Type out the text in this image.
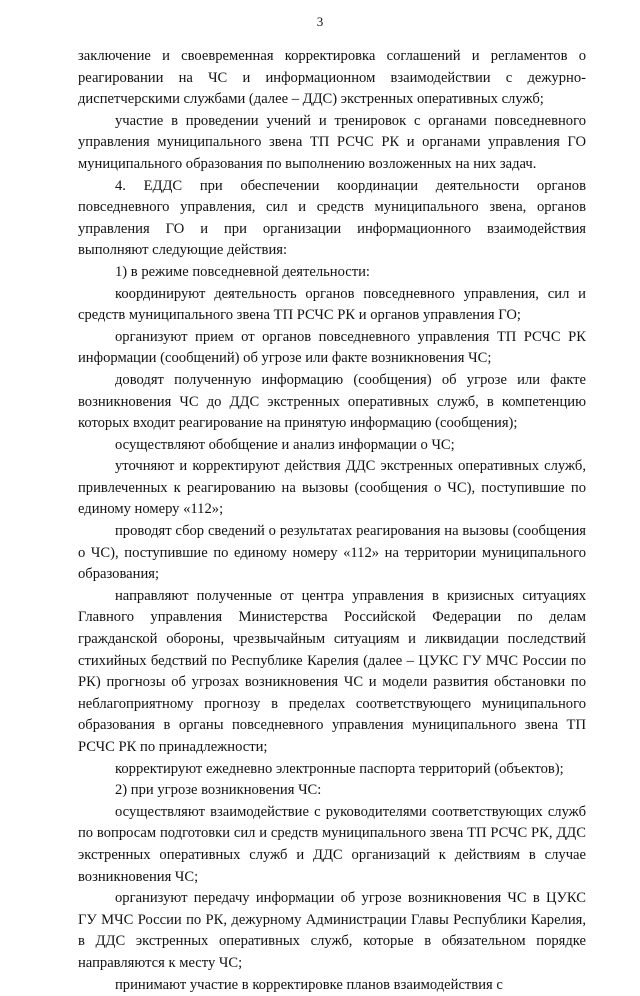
3

заключение и своевременная корректировка соглашений и регламентов о реагировании на ЧС и информационном взаимодействии с дежурно-диспетчерскими службами (далее – ДДС) экстренных оперативных служб;

участие в проведении учений и тренировок с органами повседневного управления муниципального звена ТП РСЧС РК и органами управления ГО муниципального образования по выполнению возложенных на них задач.

4. ЕДДС при обеспечении координации деятельности органов повседневного управления, сил и средств муниципального звена, органов управления ГО и при организации информационного взаимодействия выполняют следующие действия:

1) в режиме повседневной деятельности:

координируют деятельность органов повседневного управления, сил и средств муниципального звена ТП РСЧС РК и органов управления ГО;

организуют прием от органов повседневного управления ТП РСЧС РК информации (сообщений) об угрозе или факте возникновения ЧС;

доводят полученную информацию (сообщения) об угрозе или факте возникновения ЧС до ДДС экстренных оперативных служб, в компетенцию которых входит реагирование на принятую информацию (сообщения);

осуществляют обобщение и анализ информации о ЧС;

уточняют и корректируют действия ДДС экстренных оперативных служб, привлеченных к реагированию на вызовы (сообщения о ЧС), поступившие по единому номеру «112»;

проводят сбор сведений о результатах реагирования на вызовы (сообщения о ЧС), поступившие по единому номеру «112» на территории муниципального образования;

направляют полученные от центра управления в кризисных ситуациях Главного управления Министерства Российской Федерации по делам гражданской обороны, чрезвычайным ситуациям и ликвидации последствий стихийных бедствий по Республике Карелия (далее – ЦУКС ГУ МЧС России по РК) прогнозы об угрозах возникновения ЧС и модели развития обстановки по неблагоприятному прогнозу в пределах соответствующего муниципального образования в органы повседневного управления муниципального звена ТП РСЧС РК по принадлежности;

корректируют ежедневно электронные паспорта территорий (объектов);

2) при угрозе возникновения ЧС:

осуществляют взаимодействие с руководителями соответствующих служб по вопросам подготовки сил и средств муниципального звена ТП РСЧС РК, ДДС экстренных оперативных служб и ДДС организаций к действиям в случае возникновения ЧС;

организуют передачу информации об угрозе возникновения ЧС в ЦУКС ГУ МЧС России по РК, дежурному Администрации Главы Республики Карелия, в ДДС экстренных оперативных служб, которые в обязательном порядке направляются к месту ЧС;

принимают участие в корректировке планов взаимодействия с
